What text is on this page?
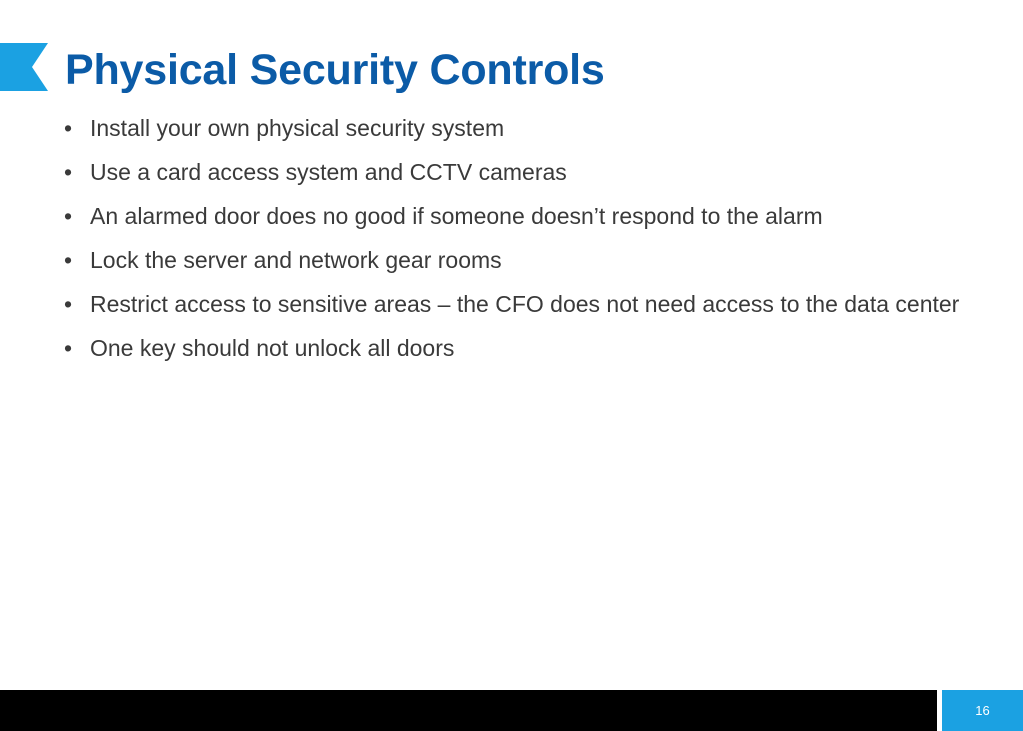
Physical Security Controls
• Install your own physical security system
• Use a card access system and CCTV cameras
• An alarmed door does no good if someone doesn’t respond to the alarm
• Lock the server and network gear rooms
• Restrict access to sensitive areas – the CFO does not need access to the data center
• One key should not unlock all doors
16
